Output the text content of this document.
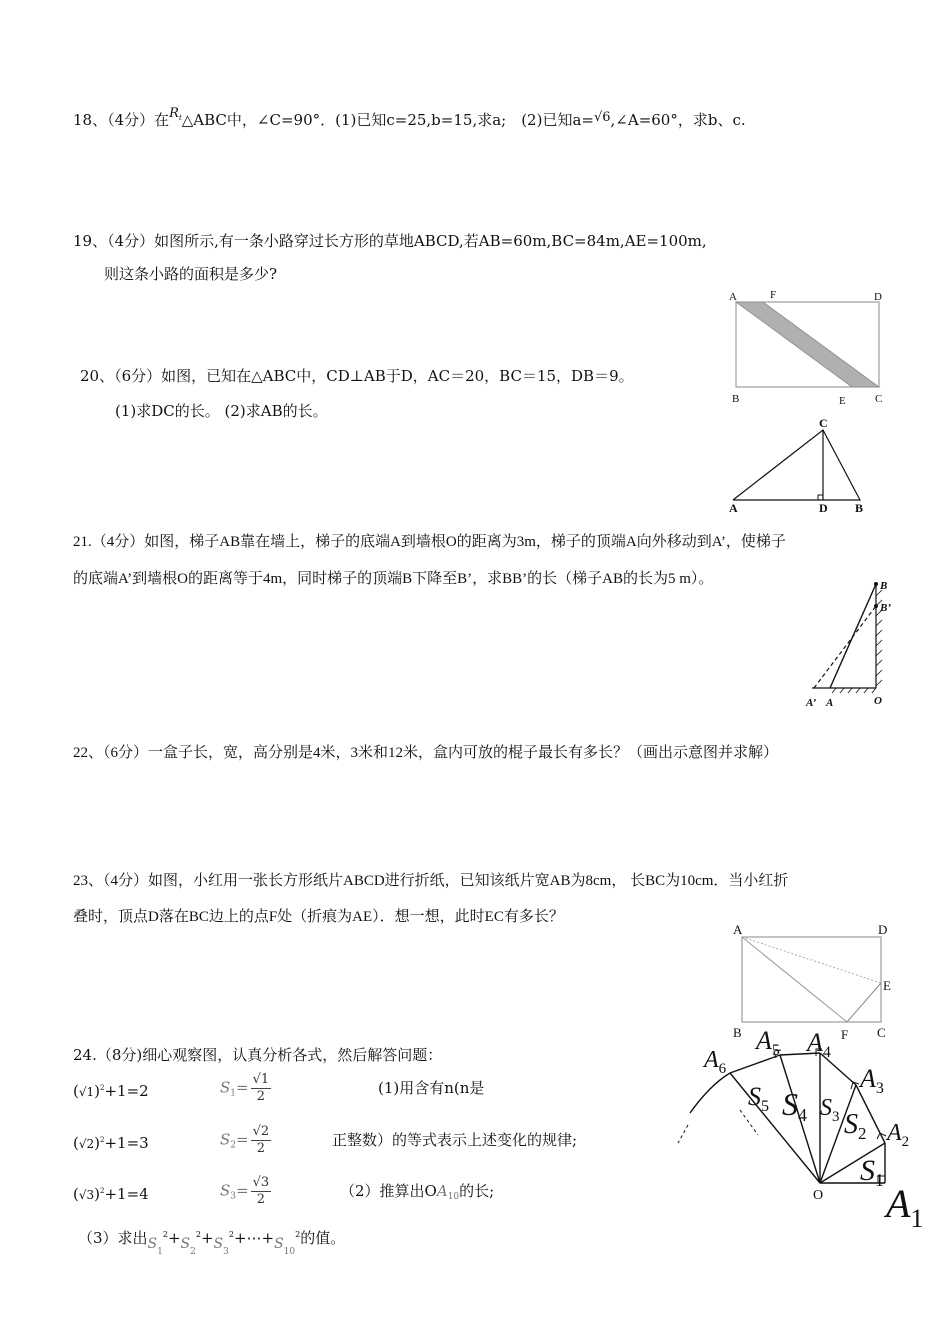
18、（4分）在$R_t\triangle ABC$中，∠C=90°．(1)已知c=25,b=15,求a;　(2)已知a=√6,∠A=60°，求b、c.
19、（4分）如图所示,有一条小路穿过长方形的草地ABCD,若AB=60m,BC=84m,AE=100m,
则这条小路的面积是多少?
A	F	D
B	E	C
20、（6分）如图，已知在△ABC中，CD⊥AB于D，AC＝20，BC＝15，DB＝9。
(1)求DC的长。 (2)求AB的长。
C
A	D B
21.（4分）如图，梯子AB靠在墙上，梯子的底端A到墙根O的距离为3m，梯子的顶端A向外移动到A’，使梯子
的底端A’到墙根O的距离等于4m，同时梯子的顶端B下降至B’，求BB’的长（梯子AB的长为5 m）。	B
B’
A’ A	O
22、（6分）一盒子长，宽，高分别是4米，3米和12米，盒内可放的棍子最长有多长？（画出示意图并求解）
23、（4分）如图，小红用一张长方形纸片ABCD进行折纸，已知该纸片宽AB为8cm， 长BC为10cm．当小红折
叠时，顶点D落在BC边上的点F处（折痕为AE）．想一想，此时EC有多长？
A	D
E
B	F C
24.（8分)细心观察图，认真分析各式，然后解答问题：
$(√1)^2+1=2$	$S_1= \frac{√1}{2}$	(1)用含有n(n是
$(√2)^2+1=3$	$S_2= \frac{√2}{2}$	正整数）的等式表示上述变化的规律;
$(√3)^2+1=4$	$S_3= \frac{√3}{2}$	（2）推算出$OA_{10}$的长;
（3）求出$S_1^2+S_2^2+S_3^2+\cdots+S_{10}^2$的值。
$A_1$
$A_2$
$A_3$
$A_4$
$A_5$
$A_6$
$S_1$
$S_2$
$S_3$
S4
$S_5$
O
